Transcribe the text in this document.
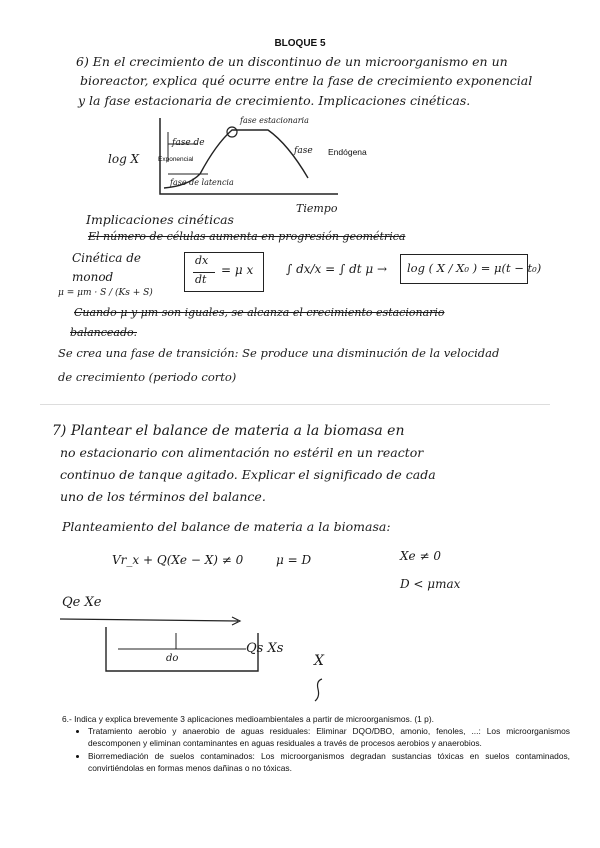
BLOQUE 5
6) En el crecimiento de un discontinuo de un microorganismo en un
bioreactor, explica qué ocurre entre la fase de crecimiento exponencial
y la fase estacionaria de crecimiento. Implicaciones cinéticas.
log X
fase estacionaria
fase de
Exponencial
fase de latencia
fase Endógena
Tiempo
Implicaciones cinéticas
El número de células aumenta en progresión geométrica
Cinética de
monod
dx
dt
= μ x	∫ dx/x = ∫ dt μ → log ( X / X₀ ) = μ(t − t₀)
μ = μm · S / (Ks + S)
Cuando μ y μm son iguales, se alcanza el crecimiento estacionario
balanceado.
Se crea una fase de transición: Se produce una disminución de la velocidad
de crecimiento (periodo corto)
7) Plantear el balance de materia a la biomasa en
no estacionario con alimentación no estéril en un reactor
continuo de tanque agitado. Explicar el significado de cada
uno de los términos del balance.
Planteamiento del balance de materia a la biomasa:
Vr_x + Q(Xe − X) ≠ 0	μ = D	Xe ≠ 0
D < μmax
Qe Xe
do
Qs Xs
X
6.- Indica y explica brevemente 3 aplicaciones medioambientales a partir de microorganismos. (1 p).
• Tratamiento aerobio y anaerobio de aguas residuales: Eliminar DQO/DBO, amonio, fenoles, ...: Los microorganismos descomponen y eliminan contaminantes en aguas residuales a través de procesos aerobios y anaerobios.
• Biorremediación de suelos contaminados: Los microorganismos degradan sustancias tóxicas en suelos contaminados, convirtiéndolas en formas menos dañinas o no tóxicas.
